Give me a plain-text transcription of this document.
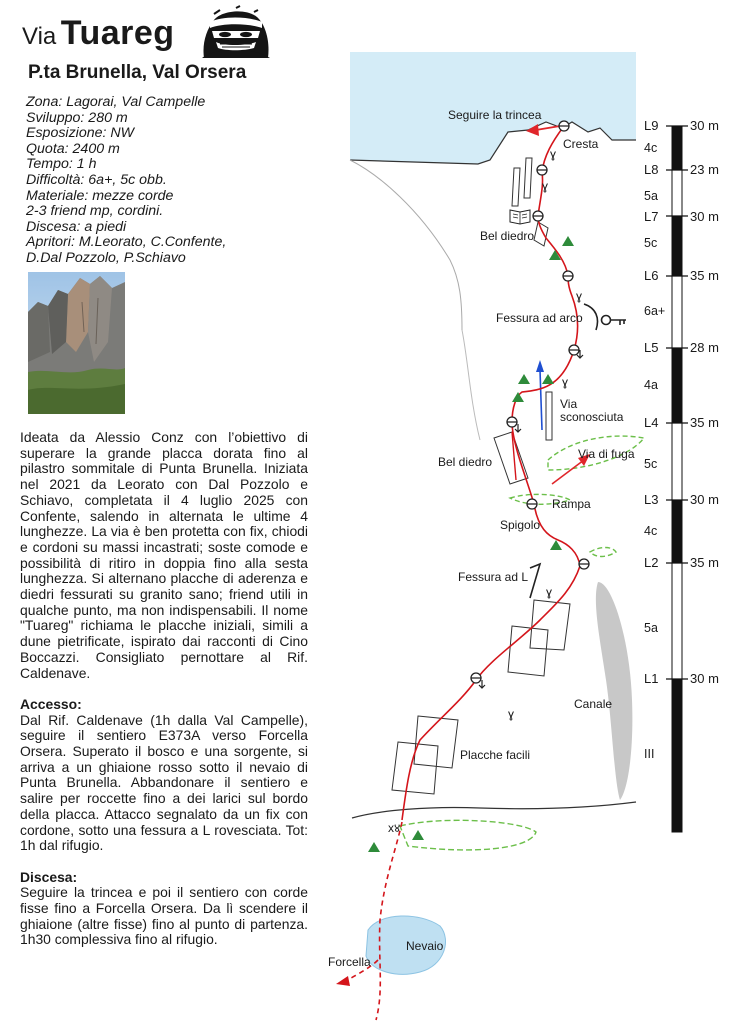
Via Tuareg
P.ta Brunella, Val Orsera
Zona: Lagorai, Val Campelle
Sviluppo: 280 m
Esposizione: NW
Quota: 2400 m
Tempo: 1 h
Difficoltà: 6a+, 5c obb.
Materiale: mezze corde
2-3 friend mp, cordini.
Discesa: a piedi
Apritori: M.Leorato, C.Confente,
D.Dal Pozzolo, P.Schiavo

Ideata da Alessio Conz con l’obiettivo di superare la grande placca dorata fino al pilastro sommitale di Punta Brunella. Iniziata nel 2021 da Leorato con Dal Pozzolo e Schiavo, completata il 4 luglio 2025 con Confente, salendo in alternata le ultime 4 lunghezze. La via è ben protetta con fix, chiodi e cordoni su massi incastrati; soste comode e possibilità di ritiro in doppia fino alla sesta lunghezza. Si alternano placche di aderenza e diedri fessurati su granito sano; friend utili in qualche punto, ma non indispensabili. Il nome "Tuareg" richiama le placche iniziali, simili a dune pietrificate, ispirato dai racconti di Cino Boccazzi. Consigliato pernottare al Rif. Caldenave.

Accesso:

Dal Rif. Caldenave (1h dalla Val Campelle), seguire il sentiero E373A verso Forcella Orsera. Superato il bosco e una sorgente, si arriva a un ghiaione rosso sotto il nevaio di Punta Brunella. Abbandonare il sentiero e salire per roccette fino a dei larici sul bordo della placca. Attacco segnalato da un fix con cordone, sotto una fessura a L rovesciata. Tot: 1h dal rifugio.

Discesa:

Seguire la trincea e poi il sentiero con corde fisse fino a Forcella Orsera. Da lì scendere il ghiaione (altre fisse) fino al punto di partenza. 1h30 complessiva fino al rifugio.

ɣ
ɣ
ɣ
ɣ
ɣ
ɣ
Seguire la trincea
Cresta
Bel diedro
Fessura ad arco
Via
sconosciuta
Bel diedro
Via di fuga
Rampa
Spigolo
Fessura ad L
Canale
Placche facili
x४
Nevaio
Forcella
L9
4c
30 m
L8
5a
23 m
L7
5c
30 m
L6
6a+
35 m
L5
4a
28 m
L4
5c
35 m
L3
4c
30 m
L2
5a
35 m
L1
III
30 m
